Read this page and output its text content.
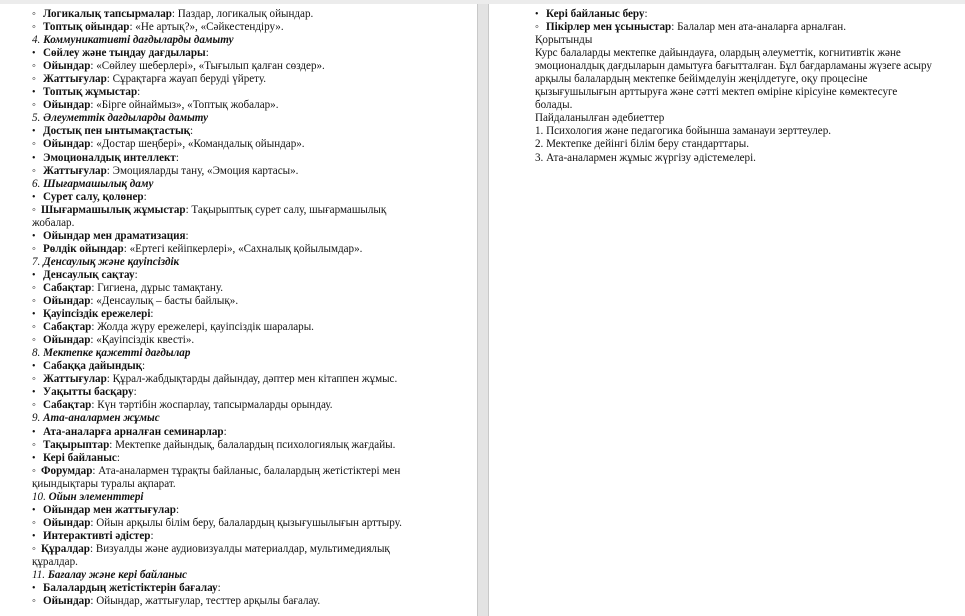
◦Логикалық тапсырмалар: Паздар, логикалық ойындар.
◦Топтық ойындар: «Не артық?», «Сәйкестендіру».
4. Коммуникативті дағдыларды дамыту
•Сөйлеу және тыңдау дағдылары:
◦Ойындар: «Сөйлеу шеберлері», «Тығылып қалған сөздер».
◦Жаттығулар: Сұрақтарға жауап беруді үйрету.
•Топтық жұмыстар:
◦Ойындар: «Бірге ойнаймыз», «Топтық жобалар».
5. Әлеуметтік дағдыларды дамыту
•Достық пен ынтымақтастық:
◦Ойындар: «Достар шеңбері», «Командалық ойындар».
•Эмоционалдық интеллект:
◦Жаттығулар: Эмоцияларды тану, «Эмоция картасы».
6. Шығармашылық даму
•Сурет салу, қолөнер:
◦Шығармашылық жұмыстар: Тақырыптық сурет салу, шығармашылық жобалар.
•Ойындар мен драматизация:
◦Рөлдік ойындар: «Ертегі кейіпкерлері», «Сахналық қойылымдар».
7. Денсаулық және қауіпсіздік
•Денсаулық сақтау:
◦Сабақтар: Гигиена, дұрыс тамақтану.
◦Ойындар: «Денсаулық – басты байлық».
•Қауіпсіздік ережелері:
◦Сабақтар: Жолда жүру ережелері, қауіпсіздік шаралары.
◦Ойындар: «Қауіпсіздік квесті».
8. Мектепке қажетті дағдылар
•Сабаққа дайындық:
◦Жаттығулар: Құрал-жабдықтарды дайындау, дәптер мен кітаппен жұмыс.
•Уақытты басқару:
◦Сабақтар: Күн тәртібін жоспарлау, тапсырмаларды орындау.
9. Ата-аналармен жұмыс
•Ата-аналарға арналған семинарлар:
◦Тақырыптар: Мектепке дайындық, балалардың психологиялық жағдайы.
•Кері байланыс:
◦Форумдар: Ата-аналармен тұрақты байланыс, балалардың жетістіктері мен қиындықтары туралы ақпарат.
10. Ойын элементтері
•Ойындар мен жаттығулар:
◦Ойындар: Ойын арқылы білім беру, балалардың қызығушылығын арттыру.
•Интерактивті әдістер:
◦Құралдар: Визуалды және аудиовизуалды материалдар, мультимедиялық құралдар.
11. Бағалау және кері байланыс
•Балалардың жетістіктерін бағалау:
◦Ойындар: Ойындар, жаттығулар, тесттер арқылы бағалау.
•Кері байланыс беру:
◦Пікірлер мен ұсыныстар: Балалар мен ата-аналарға арналған.
Қорытынды

Курс балаларды мектепке дайындауға, олардың әлеуметтік, когнитивтік және эмоционалдық дағдыларын дамытуға бағытталған. Бұл бағдарламаны жүзеге асыру арқылы балалардың мектепке бейімделуін жеңілдетуге, оқу процесіне қызығушылығын арттыруға және сәтті мектеп өміріне кірісуіне көмектесуге болады.

Пайдаланылған әдебиеттер
1. Психология және педагогика бойынша заманауи зерттеулер.
2. Мектепке дейінгі білім беру стандарттары.
3. Ата-аналармен жұмыс жүргізу әдістемелері.
